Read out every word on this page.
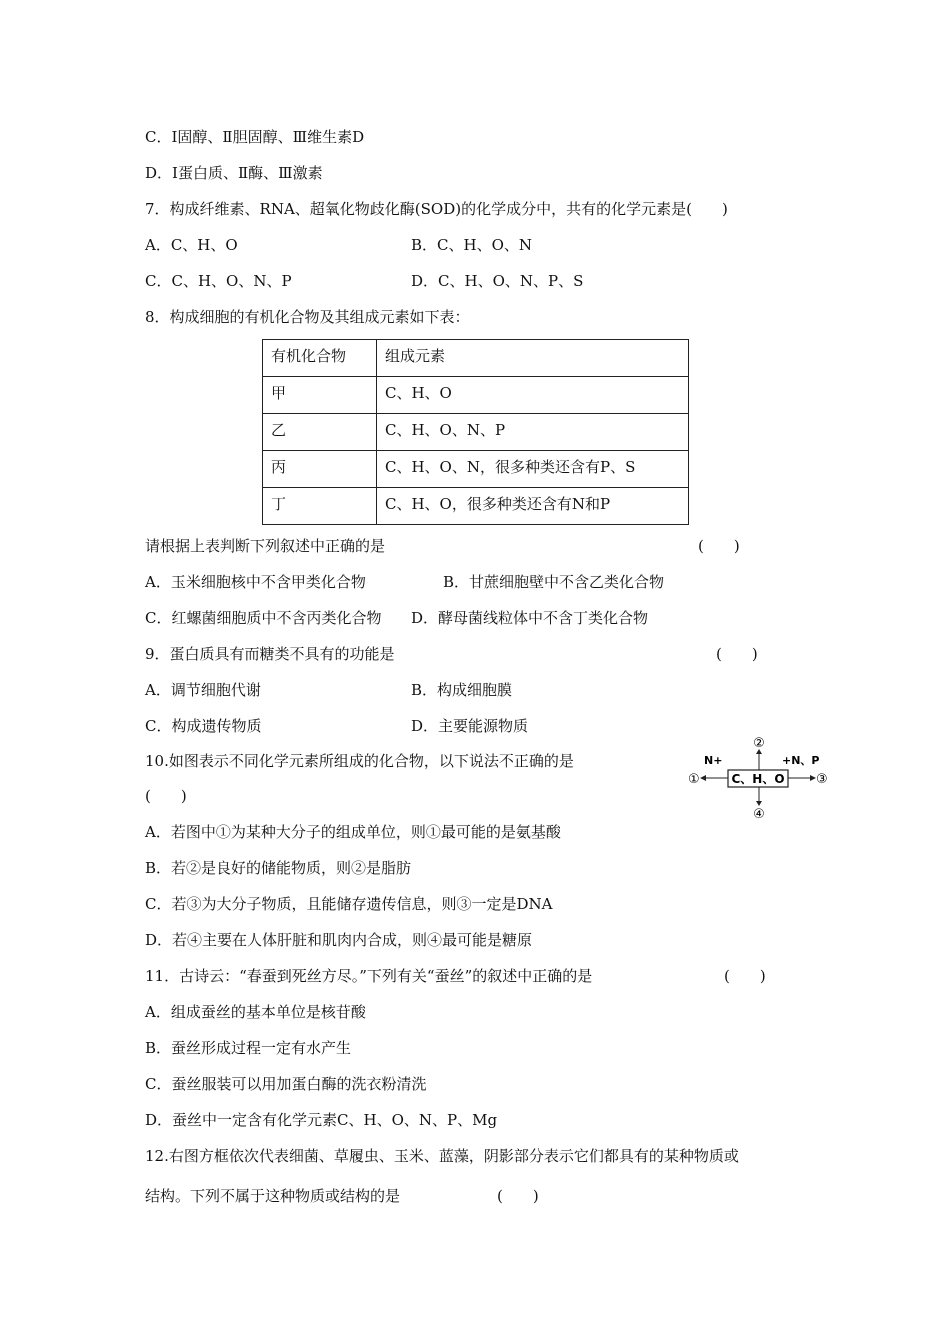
C．Ⅰ固醇、Ⅱ胆固醇、Ⅲ维生素D
D．Ⅰ蛋白质、Ⅱ酶、Ⅲ激素
7．构成纤维素、RNA、超氧化物歧化酶(SOD)的化学成分中，共有的化学元素是(　　)
A．C、H、O	B．C、H、O、N
C．C、H、O、N、P	D．C、H、O、N、P、S
8．构成细胞的有机化合物及其组成元素如下表：
有机化合物	组成元素
甲	C、H、O
乙	C、H、O、N、P
丙	C、H、O、N，很多种类还含有P、S
丁	C、H、O，很多种类还含有N和P
请根据上表判断下列叙述中正确的是	(　　)
A．玉米细胞核中不含甲类化合物	B．甘蔗细胞壁中不含乙类化合物
C．红螺菌细胞质中不含丙类化合物 D．酵母菌线粒体中不含丁类化合物
9．蛋白质具有而糖类不具有的功能是	(　　)
A．调节细胞代谢	B．构成细胞膜
C．构成遗传物质	D．主要能源物质
10.如图表示不同化学元素所组成的化合物，以下说法不正确的是
(　　)
C、H、O
②
④
①
N+
③
+N、P
A．若图中①为某种大分子的组成单位，则①最可能的是氨基酸
B．若②是良好的储能物质，则②是脂肪
C．若③为大分子物质，且能储存遗传信息，则③一定是DNA
D．若④主要在人体肝脏和肌肉内合成，则④最可能是糖原
11．古诗云：“春蚕到死丝方尽。”下列有关“蚕丝”的叙述中正确的是	(　　)
A．组成蚕丝的基本单位是核苷酸
B．蚕丝形成过程一定有水产生
C．蚕丝服装可以用加蛋白酶的洗衣粉清洗
D．蚕丝中一定含有化学元素C、H、O、N、P、Mg
12.右图方框依次代表细菌、草履虫、玉米、蓝藻，阴影部分表示它们都具有的某种物质或
结构。下列不属于这种物质或结构的是	(　　)
